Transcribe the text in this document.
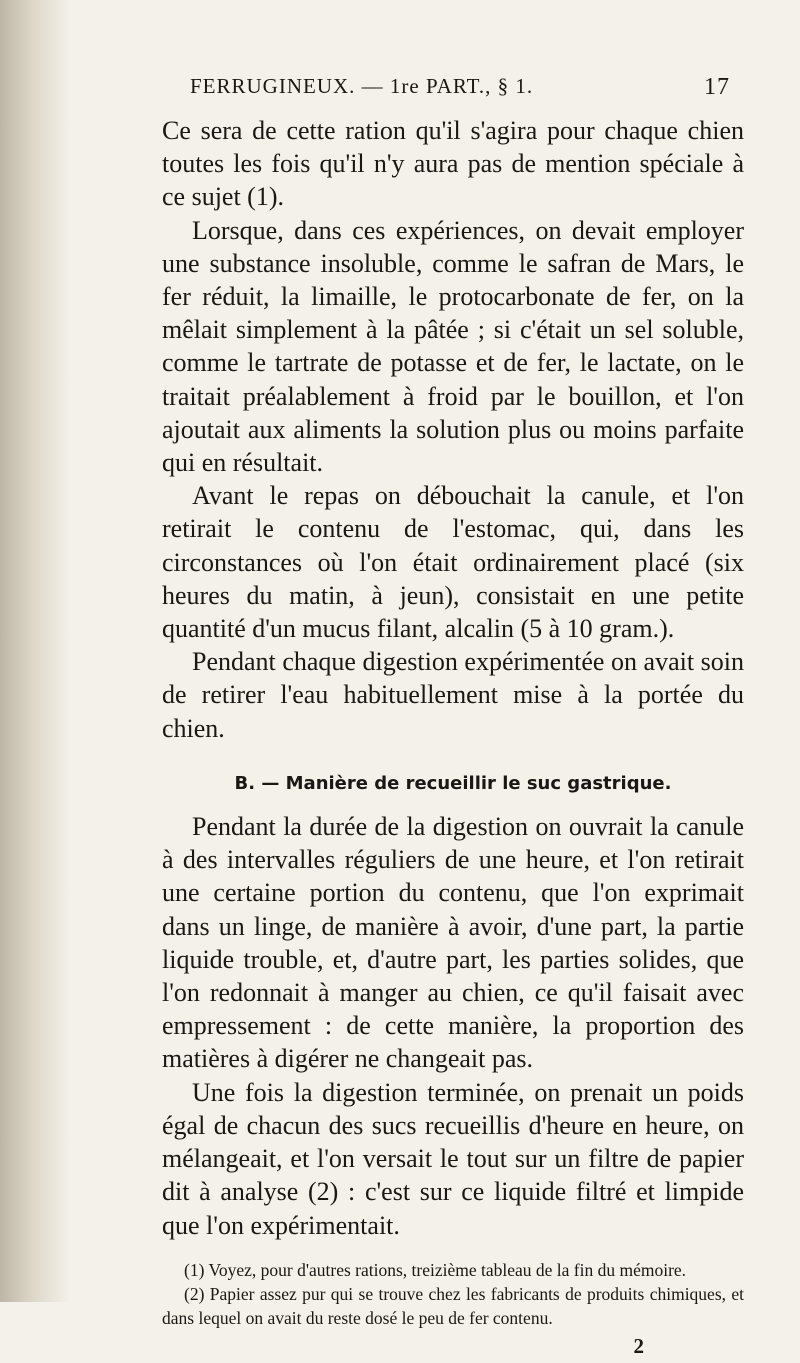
FERRUGINEUX. — 1re PART., § 1.	17

Ce sera de cette ration qu'il s'agira pour chaque chien toutes les fois qu'il n'y aura pas de mention spéciale à ce sujet (1).

Lorsque, dans ces expériences, on devait employer une substance insoluble, comme le safran de Mars, le fer réduit, la limaille, le protocarbonate de fer, on la mêlait simplement à la pâtée ; si c'était un sel soluble, comme le tartrate de potasse et de fer, le lactate, on le traitait préalablement à froid par le bouillon, et l'on ajoutait aux aliments la solution plus ou moins parfaite qui en résultait.

Avant le repas on débouchait la canule, et l'on retirait le contenu de l'estomac, qui, dans les circonstances où l'on était ordinairement placé (six heures du matin, à jeun), consistait en une petite quantité d'un mucus filant, alcalin (5 à 10 gram.).

Pendant chaque digestion expérimentée on avait soin de retirer l'eau habituellement mise à la portée du chien.

B. — Manière de recueillir le suc gastrique.

Pendant la durée de la digestion on ouvrait la canule à des intervalles réguliers de une heure, et l'on retirait une certaine portion du contenu, que l'on exprimait dans un linge, de manière à avoir, d'une part, la partie liquide trouble, et, d'autre part, les parties solides, que l'on redonnait à manger au chien, ce qu'il faisait avec empressement : de cette manière, la proportion des matières à digérer ne changeait pas.

Une fois la digestion terminée, on prenait un poids égal de chacun des sucs recueillis d'heure en heure, on mélangeait, et l'on versait le tout sur un filtre de papier dit à analyse (2) : c'est sur ce liquide filtré et limpide que l'on expérimentait.

(1) Voyez, pour d'autres rations, treizième tableau de la fin du mémoire.

(2) Papier assez pur qui se trouve chez les fabricants de produits chimiques, et dans lequel on avait du reste dosé le peu de fer contenu.

2
